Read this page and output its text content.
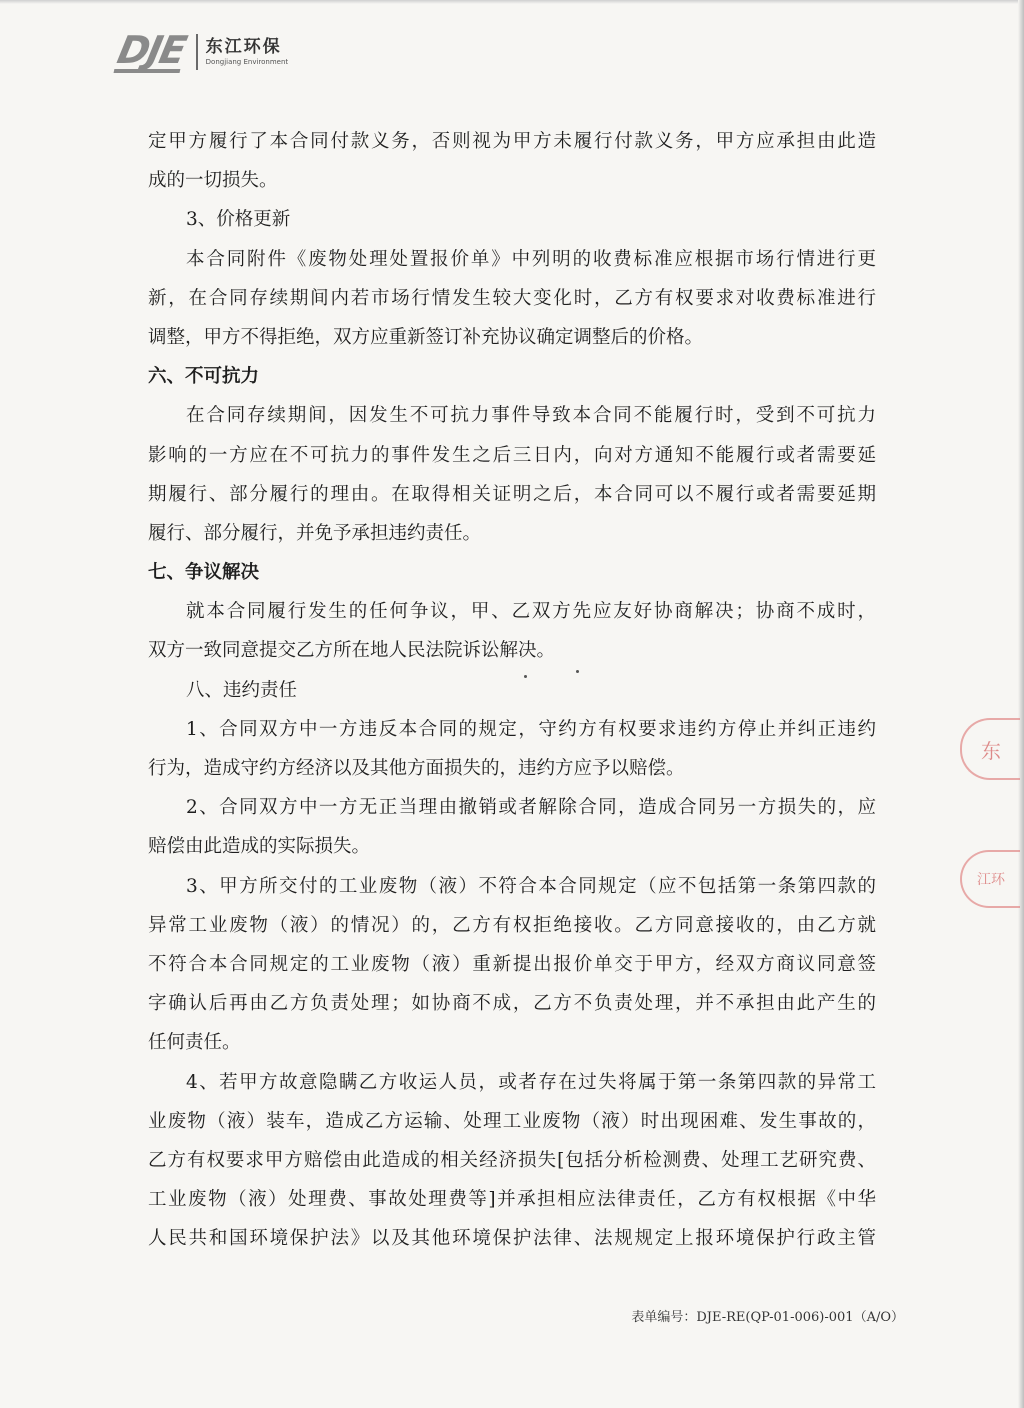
DJE 东江环保
Dongjiang Environment
定甲方履行了本合同付款义务，否则视为甲方未履行付款义务，甲方应承担由此造
成的一切损失。
3、价格更新
本合同附件《废物处理处置报价单》中列明的收费标准应根据市场行情进行更
新，在合同存续期间内若市场行情发生较大变化时，乙方有权要求对收费标准进行
调整，甲方不得拒绝，双方应重新签订补充协议确定调整后的价格。
六、不可抗力
在合同存续期间，因发生不可抗力事件导致本合同不能履行时，受到不可抗力
影响的一方应在不可抗力的事件发生之后三日内，向对方通知不能履行或者需要延
期履行、部分履行的理由。在取得相关证明之后，本合同可以不履行或者需要延期
履行、部分履行，并免予承担违约责任。
七、争议解决
就本合同履行发生的任何争议，甲、乙双方先应友好协商解决；协商不成时，
双方一致同意提交乙方所在地人民法院诉讼解决。
八、违约责任
1、合同双方中一方违反本合同的规定，守约方有权要求违约方停止并纠正违约
行为，造成守约方经济以及其他方面损失的，违约方应予以赔偿。
2、合同双方中一方无正当理由撤销或者解除合同，造成合同另一方损失的，应
赔偿由此造成的实际损失。
3、甲方所交付的工业废物（液）不符合本合同规定（应不包括第一条第四款的
异常工业废物（液）的情况）的，乙方有权拒绝接收。乙方同意接收的，由乙方就
不符合本合同规定的工业废物（液）重新提出报价单交于甲方，经双方商议同意签
字确认后再由乙方负责处理；如协商不成，乙方不负责处理，并不承担由此产生的
任何责任。
4、若甲方故意隐瞒乙方收运人员，或者存在过失将属于第一条第四款的异常工
业废物（液）装车，造成乙方运输、处理工业废物（液）时出现困难、发生事故的，
乙方有权要求甲方赔偿由此造成的相关经济损失[包括分析检测费、处理工艺研究费、
工业废物（液）处理费、事故处理费等]并承担相应法律责任，乙方有权根据《中华
人民共和国环境保护法》以及其他环境保护法律、法规规定上报环境保护行政主管
表单编号：DJE-RE(QP-01-006)-001（A/O）
东
江环
